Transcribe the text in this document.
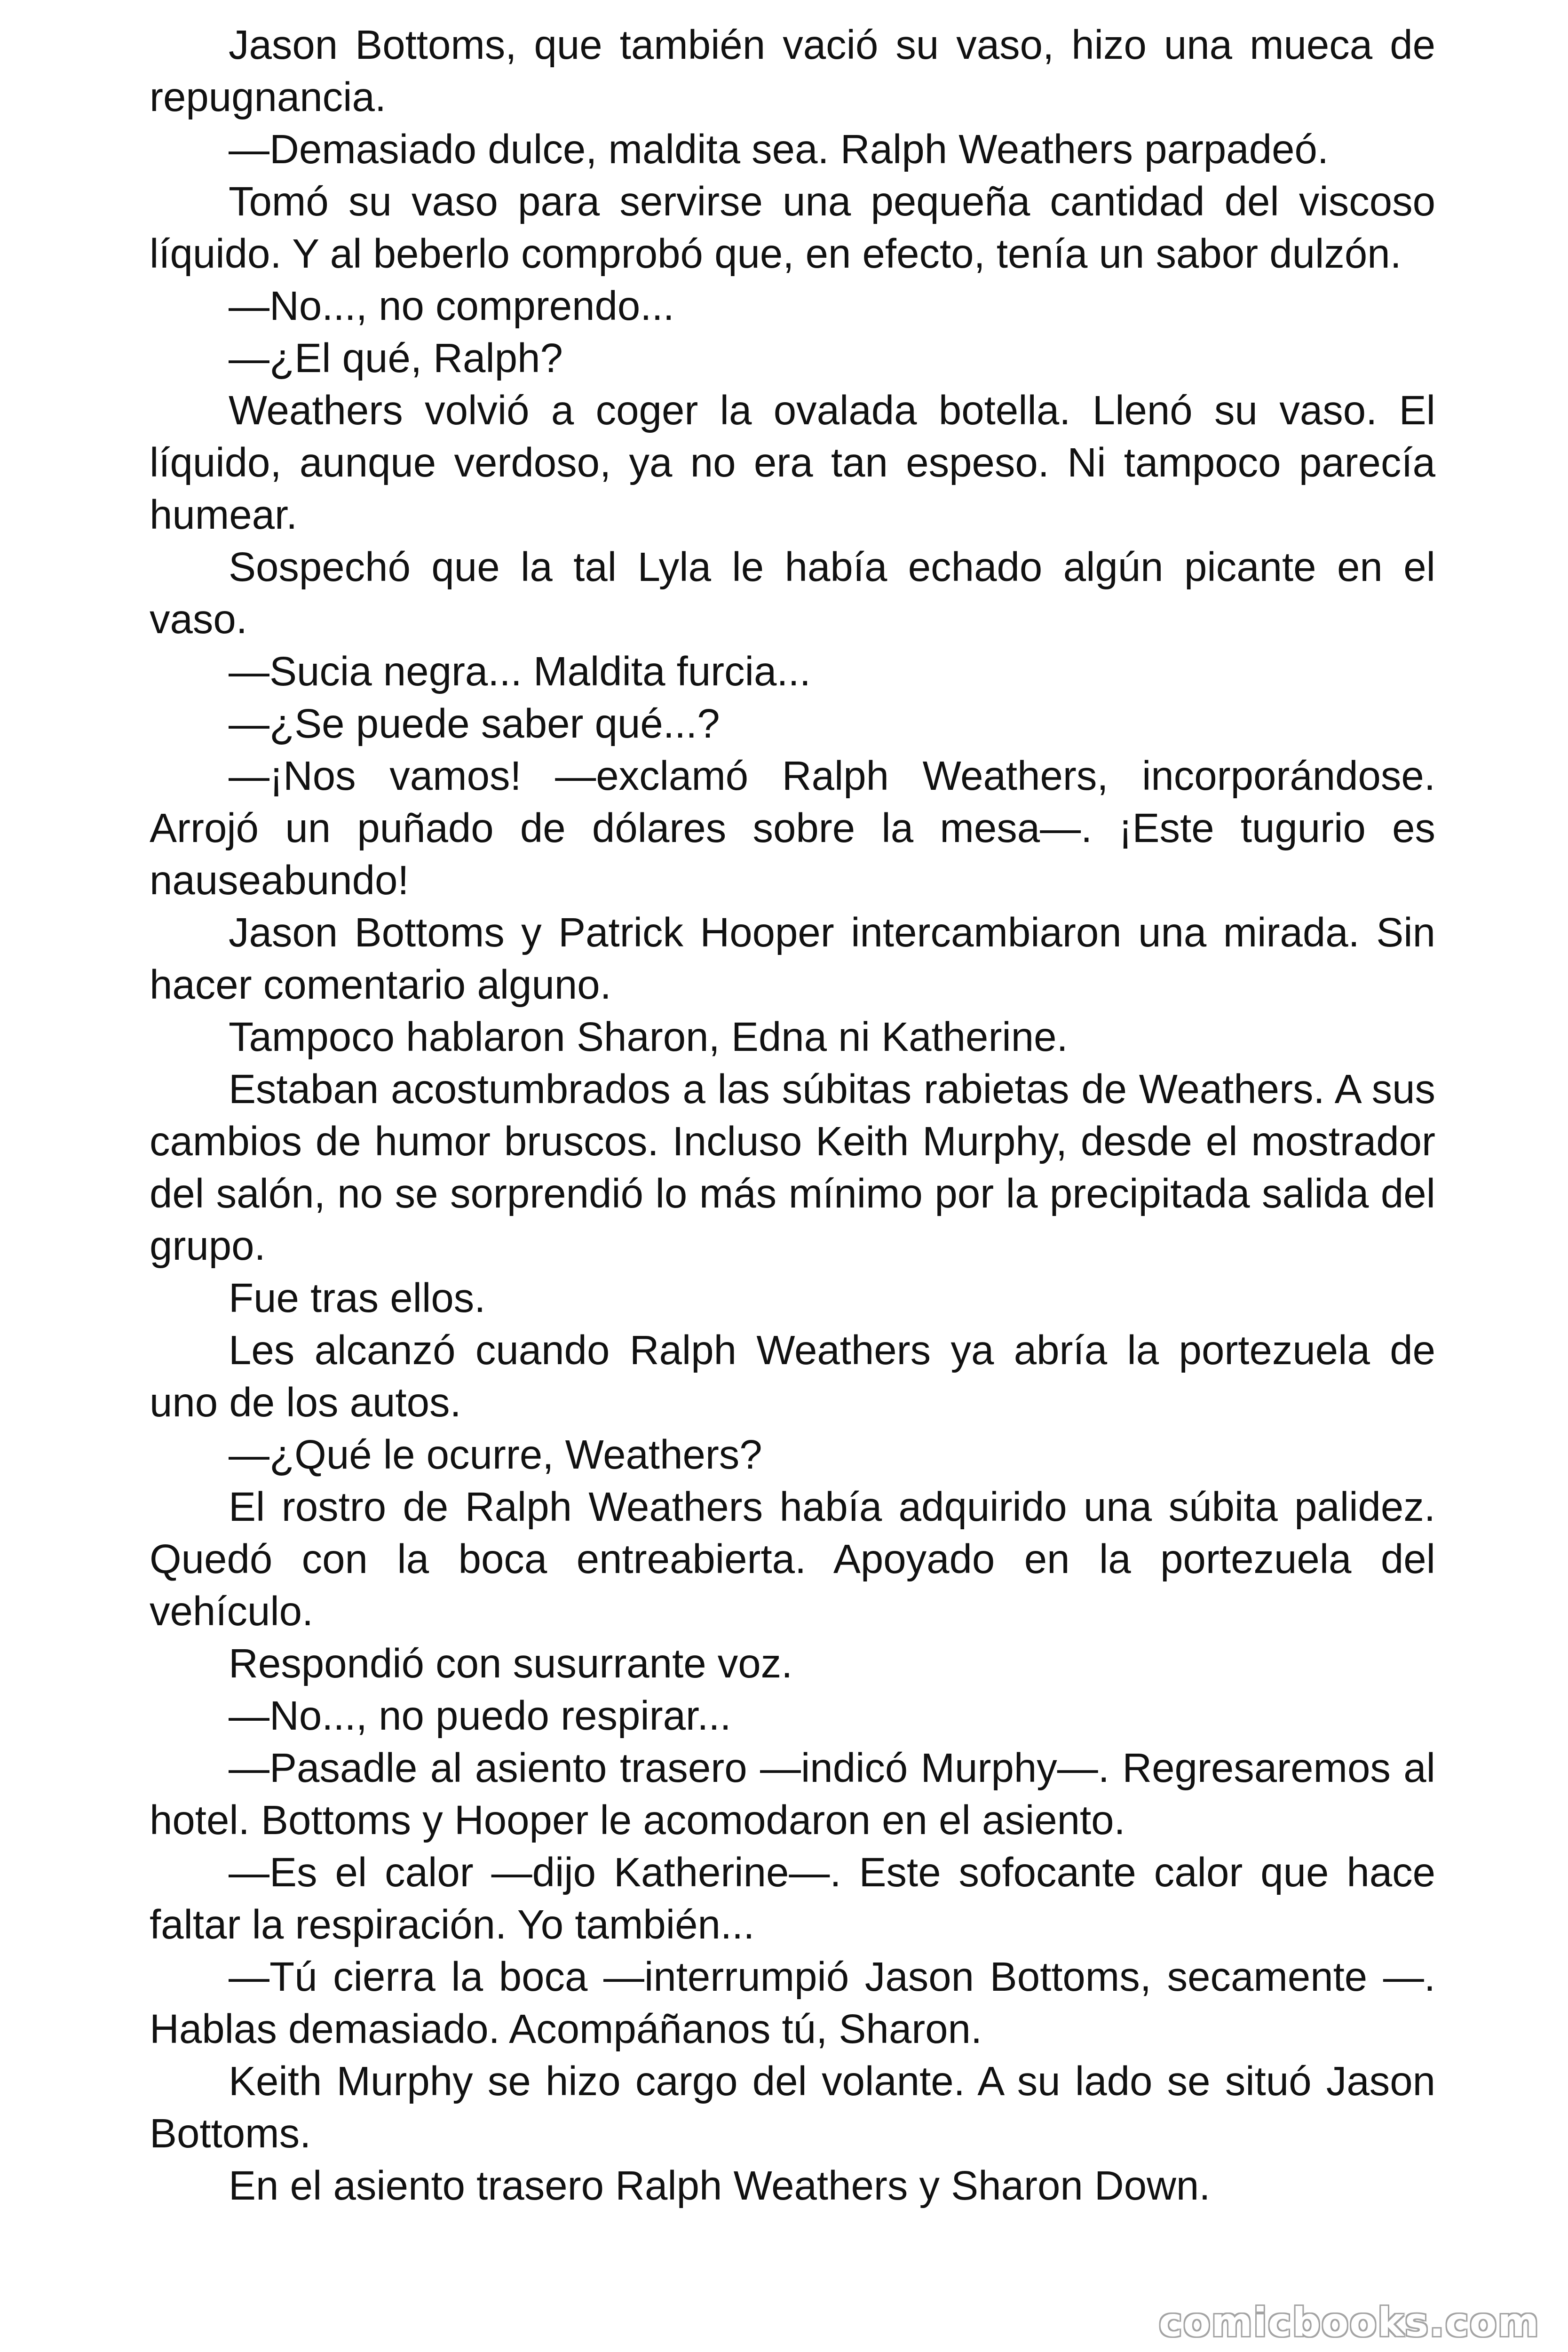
Jason Bottoms, que también vació su vaso, hizo una mueca de repugnancia.

—Demasiado dulce, maldita sea. Ralph Weathers parpadeó.

Tomó su vaso para servirse una pequeña cantidad del viscoso líquido. Y al beberlo comprobó que, en efecto, tenía un sabor dulzón.

—No..., no comprendo...

—¿El qué, Ralph?

Weathers volvió a coger la ovalada botella. Llenó su vaso. El líquido, aunque verdoso, ya no era tan espeso. Ni tampoco parecía humear.

Sospechó que la tal Lyla le había echado algún picante en el vaso.

—Sucia negra... Maldita furcia...

—¿Se puede saber qué...?

—¡Nos vamos! —exclamó Ralph Weathers, incorporándose. Arrojó un puñado de dólares sobre la mesa—. ¡Este tugurio es nauseabundo!

Jason Bottoms y Patrick Hooper intercambiaron una mirada. Sin hacer comentario alguno.

Tampoco hablaron Sharon, Edna ni Katherine.

Estaban acostumbrados a las súbitas rabietas de Weathers. A sus cambios de humor bruscos. Incluso Keith Murphy, desde el mostrador del salón, no se sorprendió lo más mínimo por la precipitada salida del grupo.

Fue tras ellos.

Les alcanzó cuando Ralph Weathers ya abría la portezuela de uno de los autos.

—¿Qué le ocurre, Weathers?

El rostro de Ralph Weathers había adquirido una súbita palidez. Quedó con la boca entreabierta. Apoyado en la portezuela del vehículo.

Respondió con susurrante voz.

—No..., no puedo respirar...

—Pasadle al asiento trasero —indicó Murphy—. Regresaremos al hotel. Bottoms y Hooper le acomodaron en el asiento.

—Es el calor —dijo Katherine—. Este sofocante calor que hace faltar la respiración. Yo también...

—Tú cierra la boca —interrumpió Jason Bottoms, secamente —. Hablas demasiado. Acompáñanos tú, Sharon.

Keith Murphy se hizo cargo del volante. A su lado se situó Jason Bottoms.

En el asiento trasero Ralph Weathers y Sharon Down.

comicbooks.com
